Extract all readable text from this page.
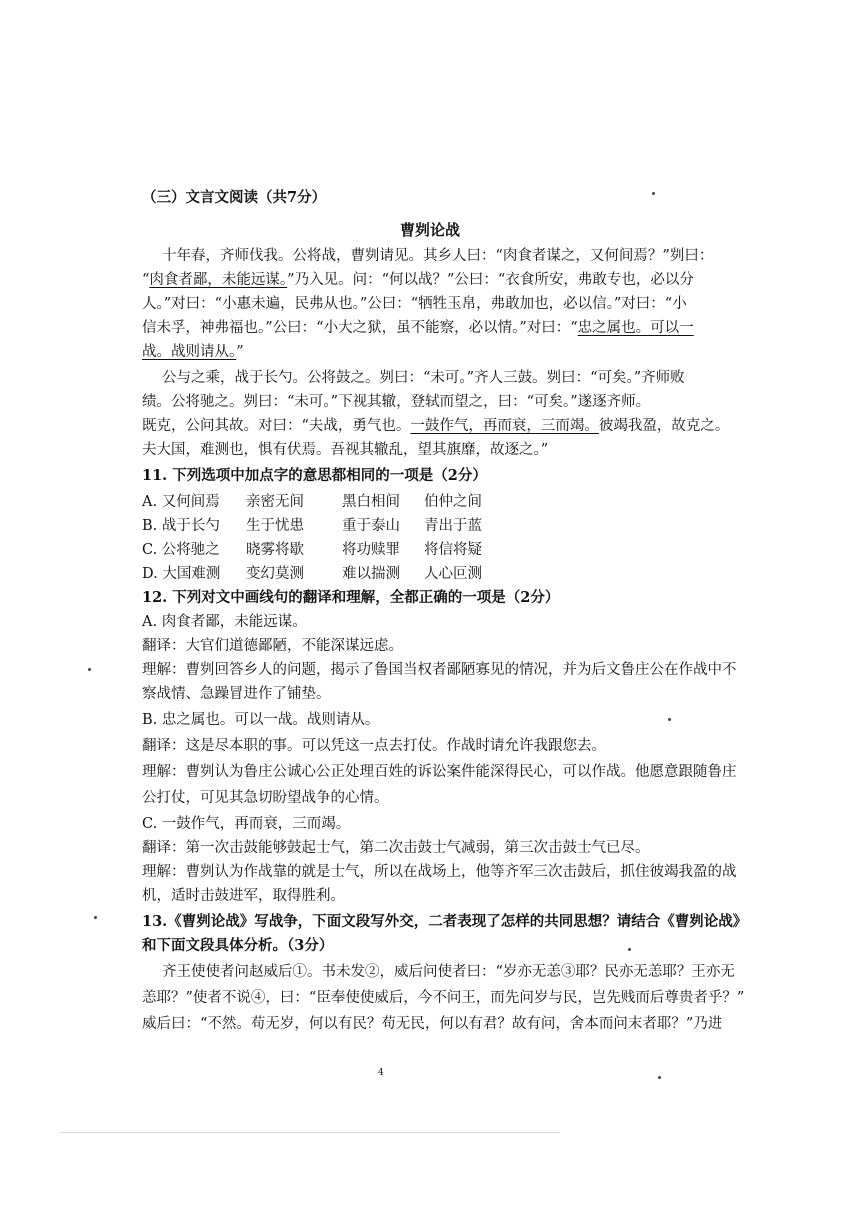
（三）文言文阅读（共7分）
曹刿论战
十年春，齐师伐我。公将战，曹刿请见。其乡人曰：“肉食者谋之，又何间焉？”刿曰：
“肉食者鄙，未能远谋。”乃入见。问：“何以战？”公曰：“衣食所安，弗敢专也，必以分
人。”对曰：“小惠未遍，民弗从也。”公曰：“牺牲玉帛，弗敢加也，必以信。”对曰：“小
信未孚，神弗福也。”公曰：“小大之狱，虽不能察，必以情。”对曰：“忠之属也。可以一
战。战则请从。”
公与之乘，战于长勺。公将鼓之。刿曰：“未可。”齐人三鼓。刿曰：“可矣。”齐师败
绩。公将驰之。刿曰：“未可。”下视其辙，登轼而望之，曰：“可矣。”遂逐齐师。
既克，公问其故。对曰：“夫战，勇气也。一鼓作气，再而衰，三而竭。彼竭我盈，故克之。
夫大国，难测也，惧有伏焉。吾视其辙乱，望其旗靡，故逐之。”
11. 下列选项中加点字的意思都相同的一项是（2分）
A. 又何间焉 亲密无间	黑白相间 伯仲之间
B. 战于长勺 生于忧患	重于泰山 青出于蓝
C. 公将驰之 晓雾将歇	将功赎罪 将信将疑
D. 大国难测 变幻莫测	难以揣测 人心叵测
12. 下列对文中画线句的翻译和理解，全都正确的一项是（2分）
A. 肉食者鄙，未能远谋。
翻译：大官们道德鄙陋，不能深谋远虑。
理解：曹刿回答乡人的问题，揭示了鲁国当权者鄙陋寡见的情况，并为后文鲁庄公在作战中不
察战情、急躁冒进作了铺垫。
B. 忠之属也。可以一战。战则请从。
翻译：这是尽本职的事。可以凭这一点去打仗。作战时请允许我跟您去。
理解：曹刿认为鲁庄公诚心公正处理百姓的诉讼案件能深得民心，可以作战。他愿意跟随鲁庄
公打仗，可见其急切盼望战争的心情。
C. 一鼓作气，再而衰，三而竭。
翻译：第一次击鼓能够鼓起士气，第二次击鼓士气减弱，第三次击鼓士气已尽。
理解：曹刿认为作战靠的就是士气，所以在战场上，他等齐军三次击鼓后，抓住彼竭我盈的战
机，适时击鼓进军，取得胜利。
13.《曹刿论战》写战争，下面文段写外交，二者表现了怎样的共同思想？请结合《曹刿论战》
和下面文段具体分析。（3分）
齐王使使者问赵威后①。书未发②，威后问使者曰：“岁亦无恙③耶？民亦无恙耶？王亦无
恙耶？”使者不说④，曰：“臣奉使使威后，今不问王，而先问岁与民，岂先贱而后尊贵者乎？”
威后曰：“不然。苟无岁，何以有民？苟无民，何以有君？故有问，舍本而问末者耶？”乃进
4
